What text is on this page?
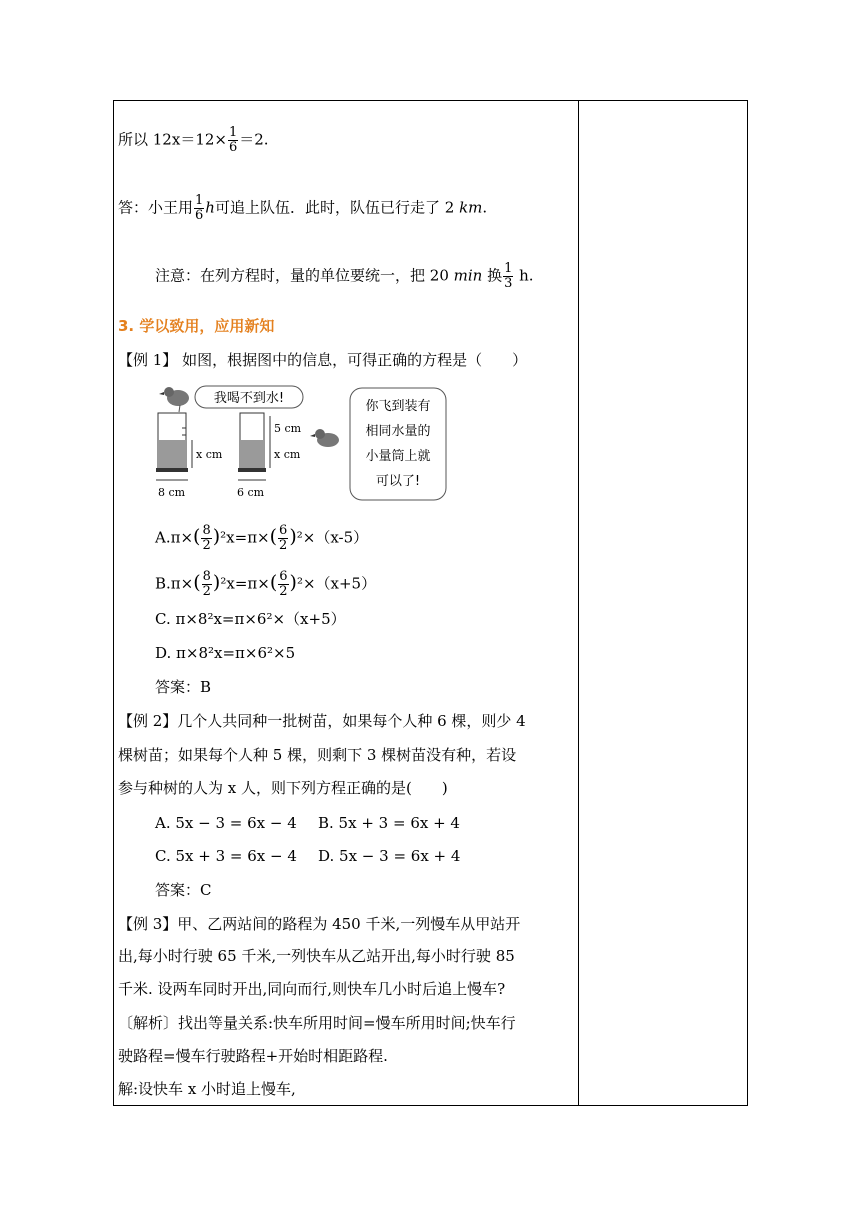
所以 $12x=12\times \frac{1}{6} =2$.
答：小王用 $\frac{1}{6}$ h可追上队伍．此时，队伍已行走了 2 km.
注意：在列方程时，量的单位要统一，把 20 min 换 $\frac{1}{3} h$.
3. 学以致用，应用新知
【例 1】 如图，根据图中的信息，可得正确的方程是（　　）
我喝不到水!
x cm
8 cm
5 cm
x cm
6 cm
你飞到装有
相同水量的
小量筒上就
可以了!
$A.\pi\times( \frac{8}{2} )^2x=\pi\times( \frac{6}{2} )^2\times(x-5)$
$B.\pi\times( \frac{8}{2} )^2x=\pi\times( \frac{6}{2} )^2\times(x+5)$
C. π×8²x=π×6²×（x+5）
D. π×8²x=π×6²×5
答案：B
【例 2】几个人共同种一批树苗，如果每个人种 6 棵，则少 4
棵树苗；如果每个人种 5 棵，则剩下 3 棵树苗没有种，若设
参与种树的人为 x 人，则下列方程正确的是(　　)
A. 5x − 3 = 6x − 4 B. 5x + 3 = 6x + 4
C. 5x + 3 = 6x − 4 D. 5x − 3 = 6x + 4
答案：C
【例 3】甲、乙两站间的路程为 450 千米,一列慢车从甲站开
出,每小时行驶 65 千米,一列快车从乙站开出,每小时行驶 85
千米. 设两车同时开出,同向而行,则快车几小时后追上慢车?
〔解析〕找出等量关系:快车所用时间=慢车所用时间;快车行
驶路程=慢车行驶路程+开始时相距路程.
解:设快车 x 小时追上慢车,
